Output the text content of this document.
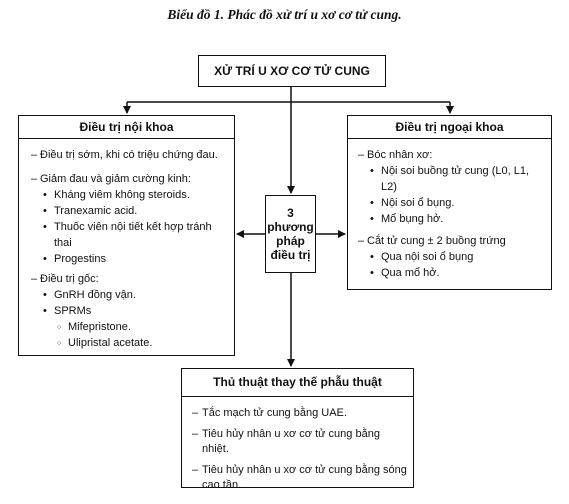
Biểu đồ 1. Phác đồ xử trí u xơ cơ tử cung.
XỬ TRÍ U XƠ CƠ TỬ CUNG
Điều trị nội khoa
– Điều trị sớm, khi có triệu chứng đau.
– Giảm đau và giảm cường kinh:
• Kháng viêm không steroids.
• Tranexamic acid.
• Thuốc viên nội tiết kết hợp tránh thai
• Progestins
– Điều trị gốc:
• GnRH đồng vận.
• SPRMs
○ Mifepristone.
○ Ulipristal acetate.
3
phương
pháp
điều trị
Điều trị ngoại khoa
– Bóc nhân xơ:
• Nội soi buồng tử cung (L0, L1, L2)
• Nội soi ổ bụng.
• Mổ bụng hở.
– Cắt tử cung ± 2 buồng trứng
• Qua nội soi ổ bụng
• Qua mổ hở.
Thủ thuật thay thế phẫu thuật
– Tắc mạch tử cung bằng UAE.
– Tiêu hủy nhân u xơ cơ tử cung bằng nhiệt.
– Tiêu hủy nhân u xơ cơ tử cung bằng sóng cao tần.
